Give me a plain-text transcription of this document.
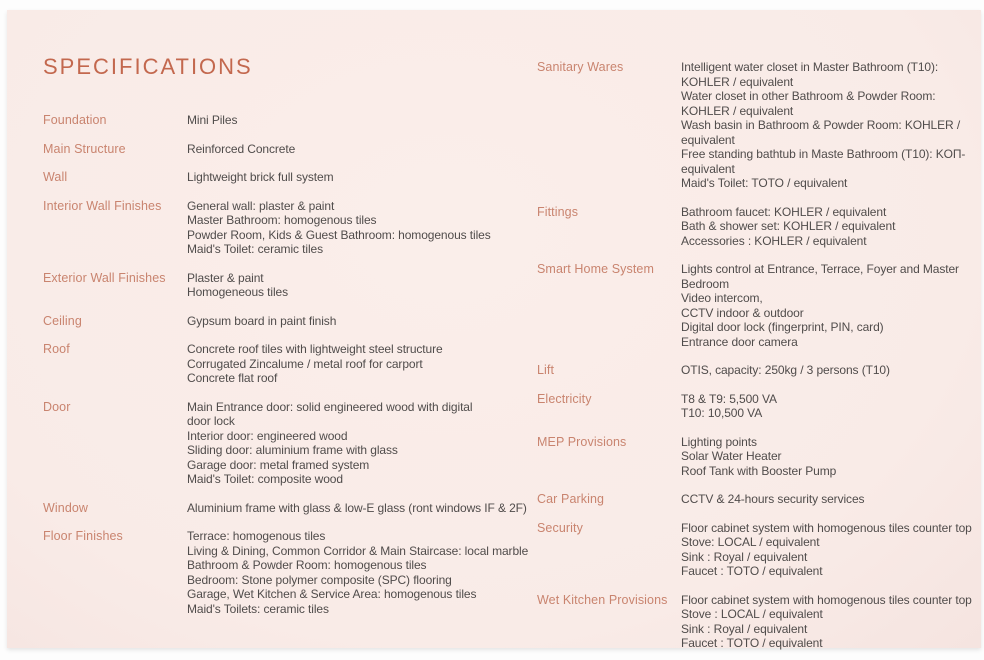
SPECIFICATIONS
Foundation	Mini Piles
Main Structure	Reinforced Concrete
Wall	Lightweight brick full system
Interior Wall Finishes	General wall: plaster & paint
Master Bathroom: homogenous tiles
Powder Room, Kids & Guest Bathroom: homogenous tiles
Maid's Toilet: ceramic tiles
Exterior Wall Finishes	Plaster & paint
Homogeneous tiles
Ceiling	Gypsum board in paint finish
Roof	Concrete roof tiles with lightweight steel structure
Corrugated Zincalume / metal roof for carport
Concrete flat roof
Door	Main Entrance door: solid engineered wood with digital
door lock
Interior door: engineered wood
Sliding door: aluminium frame with glass
Garage door: metal framed system
Maid's Toilet: composite wood
Window	Aluminium frame with glass & low-E glass (ront windows IF & 2F)
Floor Finishes	Terrace: homogenous tiles
Living & Dining, Common Corridor & Main Staircase: local marble
Bathroom & Powder Room: homogenous tiles
Bedroom: Stone polymer composite (SPC) flooring
Garage, Wet Kitchen & Service Area: homogenous tiles
Maid's Toilets: ceramic tiles
Sanitary Wares	Intelligent water closet in Master Bathroom (T10):
KOHLER / equivalent
Water closet in other Bathroom & Powder Room:
KOHLER / equivalent
Wash basin in Bathroom & Powder Room: KOHLER /
equivalent
Free standing bathtub in Maste Bathroom (T10): KOП-
equivalent
Maid's Toilet: TOTO / equivalent
Fittings	Bathroom faucet: KOHLER / equivalent
Bath & shower set: KOHLER / equivalent
Accessories : KOHLER / equivalent
Smart Home System	Lights control at Entrance, Terrace, Foyer and Master
Bedroom
Video intercom,
CCTV indoor & outdoor
Digital door lock (fingerprint, PIN, card)
Entrance door camera
Lift	OTIS, capacity: 250kg / 3 persons (T10)
Electricity	T8 & T9: 5,500 VA
T10: 10,500 VA
MEP Provisions	Lighting points
Solar Water Heater
Roof Tank with Booster Pump
Car Parking	CCTV & 24-hours security services
Security	Floor cabinet system with homogenous tiles counter top
Stove: LOCAL / equivalent
Sink : Royal / equivalent
Faucet : TOTO / equivalent
Wet Kitchen Provisions	Floor cabinet system with homogenous tiles counter top
Stove : LOCAL / equivalent
Sink : Royal / equivalent
Faucet : TOTO / equivalent
